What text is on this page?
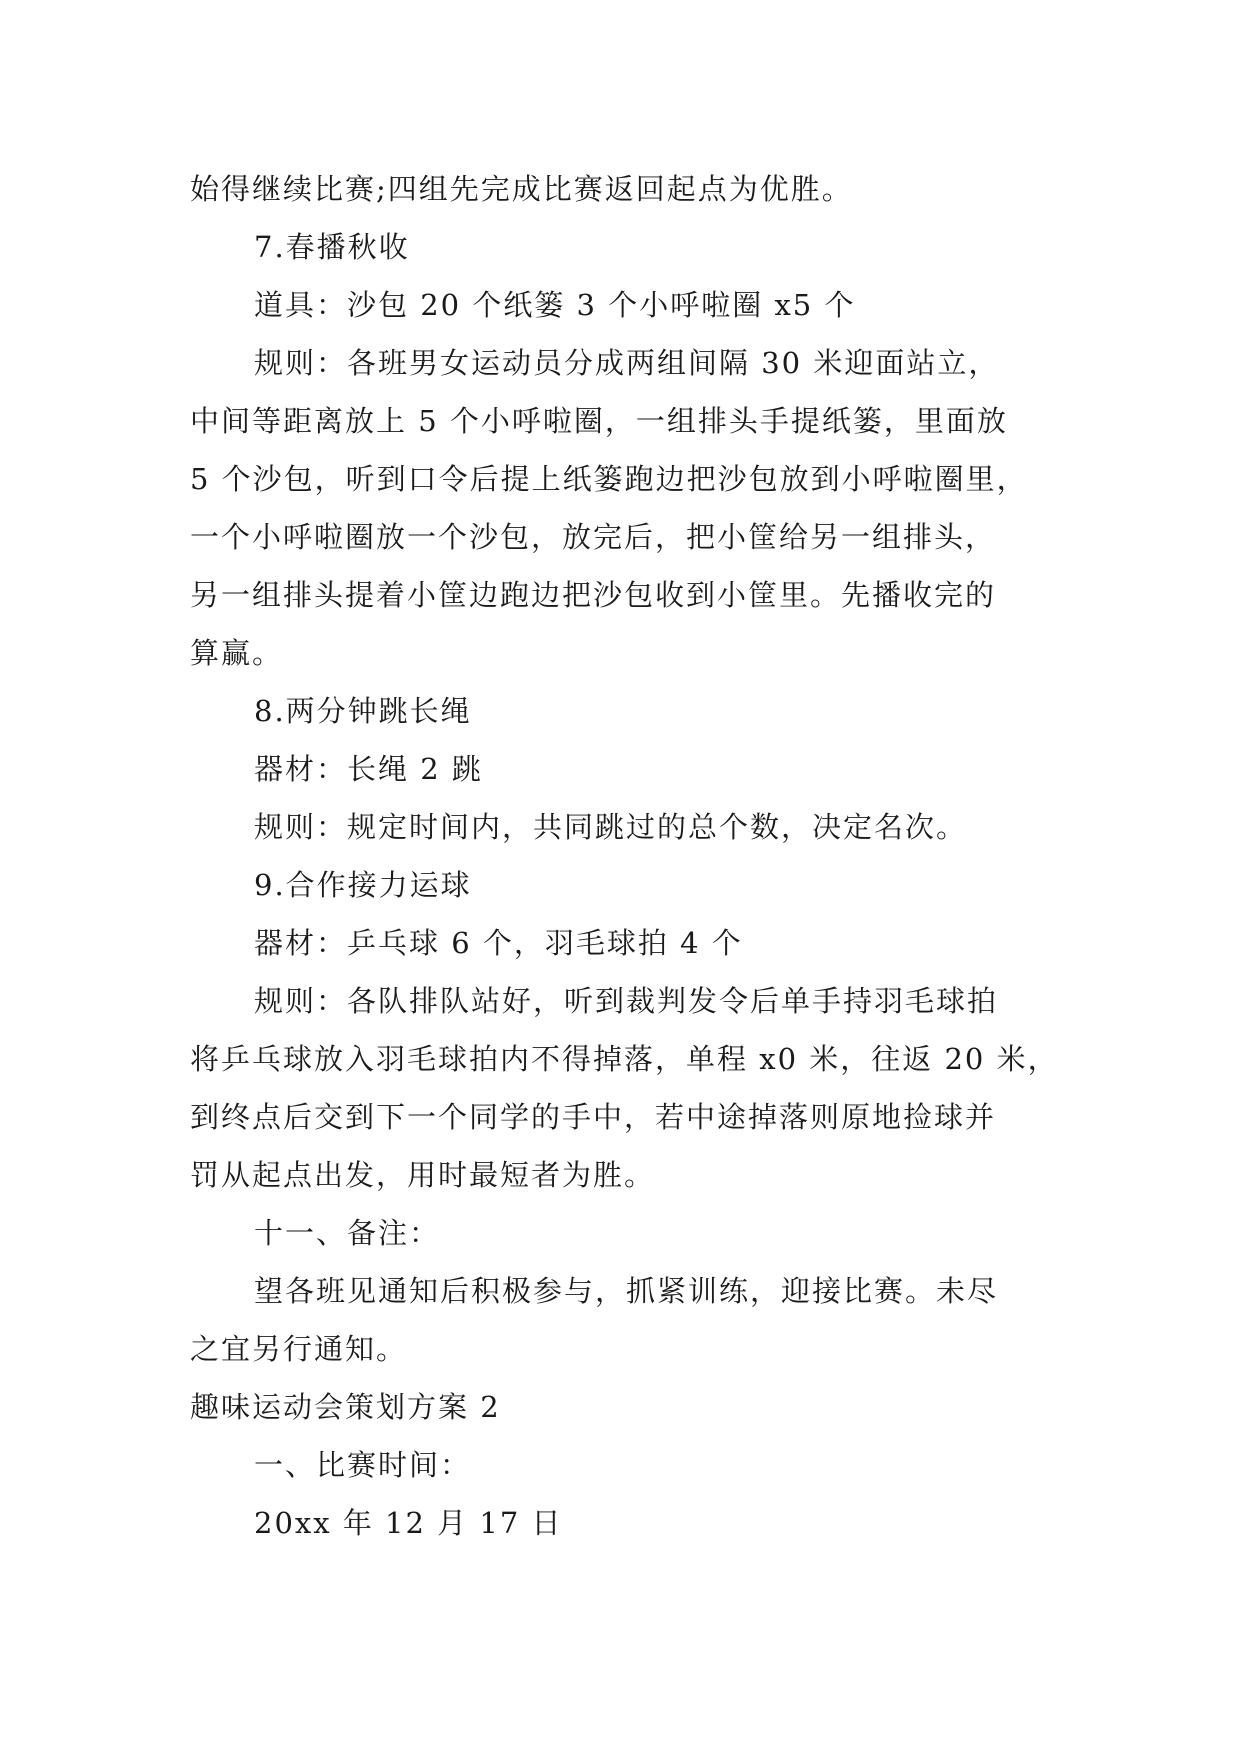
始得继续比赛;四组先完成比赛返回起点为优胜。
7.春播秋收
道具：沙包 20 个纸篓 3 个小呼啦圈 x5 个
规则：各班男女运动员分成两组间隔 30 米迎面站立，
中间等距离放上 5 个小呼啦圈，一组排头手提纸篓，里面放
5 个沙包，听到口令后提上纸篓跑边把沙包放到小呼啦圈里，
一个小呼啦圈放一个沙包，放完后，把小筐给另一组排头，
另一组排头提着小筐边跑边把沙包收到小筐里。先播收完的
算赢。
8.两分钟跳长绳
器材：长绳 2 跳
规则：规定时间内，共同跳过的总个数，决定名次。
9.合作接力运球
器材：乒乓球 6 个，羽毛球拍 4 个
规则：各队排队站好，听到裁判发令后单手持羽毛球拍
将乒乓球放入羽毛球拍内不得掉落，单程 x0 米，往返 20 米，
到终点后交到下一个同学的手中，若中途掉落则原地捡球并
罚从起点出发，用时最短者为胜。
十一、备注：
望各班见通知后积极参与，抓紧训练，迎接比赛。未尽
之宜另行通知。
趣味运动会策划方案 2
一、比赛时间：
20xx 年 12 月 17 日
